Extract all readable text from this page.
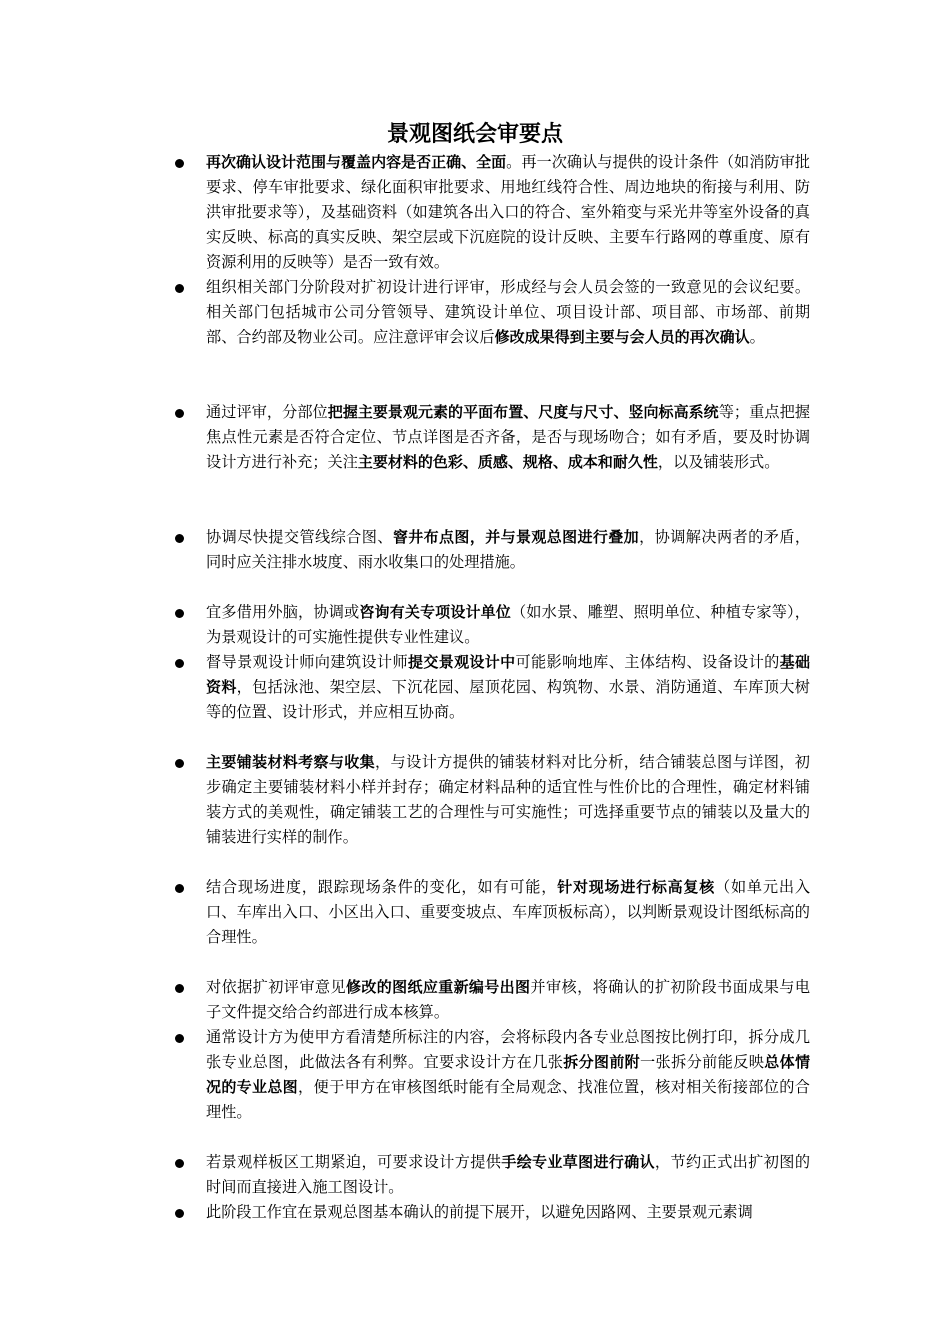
景观图纸会审要点

再次确认设计范围与覆盖内容是否正确、全面。再一次确认与提供的设计条件（如消防审批要求、停车审批要求、绿化面积审批要求、用地红线符合性、周边地块的衔接与利用、防洪审批要求等），及基础资料（如建筑各出入口的符合、室外箱变与采光井等室外设备的真实反映、标高的真实反映、架空层或下沉庭院的设计反映、主要车行路网的尊重度、原有资源利用的反映等）是否一致有效。

组织相关部门分阶段对扩初设计进行评审，形成经与会人员会签的一致意见的会议纪要。相关部门包括城市公司分管领导、建筑设计单位、项目设计部、项目部、市场部、前期部、合约部及物业公司。应注意评审会议后修改成果得到主要与会人员的再次确认。

通过评审，分部位把握主要景观元素的平面布置、尺度与尺寸、竖向标高系统等；重点把握焦点性元素是否符合定位、节点详图是否齐备，是否与现场吻合；如有矛盾，要及时协调设计方进行补充；关注主要材料的色彩、质感、规格、成本和耐久性，以及铺装形式。

协调尽快提交管线综合图、窨井布点图，并与景观总图进行叠加，协调解决两者的矛盾，同时应关注排水坡度、雨水收集口的处理措施。

宜多借用外脑，协调或咨询有关专项设计单位（如水景、雕塑、照明单位、种植专家等），为景观设计的可实施性提供专业性建议。

督导景观设计师向建筑设计师提交景观设计中可能影响地库、主体结构、设备设计的基础资料，包括泳池、架空层、下沉花园、屋顶花园、构筑物、水景、消防通道、车库顶大树等的位置、设计形式，并应相互协商。

主要铺装材料考察与收集，与设计方提供的铺装材料对比分析，结合铺装总图与详图，初步确定主要铺装材料小样并封存；确定材料品种的适宜性与性价比的合理性，确定材料铺装方式的美观性，确定铺装工艺的合理性与可实施性；可选择重要节点的铺装以及量大的铺装进行实样的制作。

结合现场进度，跟踪现场条件的变化，如有可能，针对现场进行标高复核（如单元出入口、车库出入口、小区出入口、重要变坡点、车库顶板标高），以判断景观设计图纸标高的合理性。

对依据扩初评审意见修改的图纸应重新编号出图并审核，将确认的扩初阶段书面成果与电子文件提交给合约部进行成本核算。

通常设计方为使甲方看清楚所标注的内容，会将标段内各专业总图按比例打印，拆分成几张专业总图，此做法各有利弊。宜要求设计方在几张拆分图前附一张拆分前能反映总体情况的专业总图，便于甲方在审核图纸时能有全局观念、找准位置，核对相关衔接部位的合理性。

若景观样板区工期紧迫，可要求设计方提供手绘专业草图进行确认，节约正式出扩初图的时间而直接进入施工图设计。

此阶段工作宜在景观总图基本确认的前提下展开，以避免因路网、主要景观元素调
